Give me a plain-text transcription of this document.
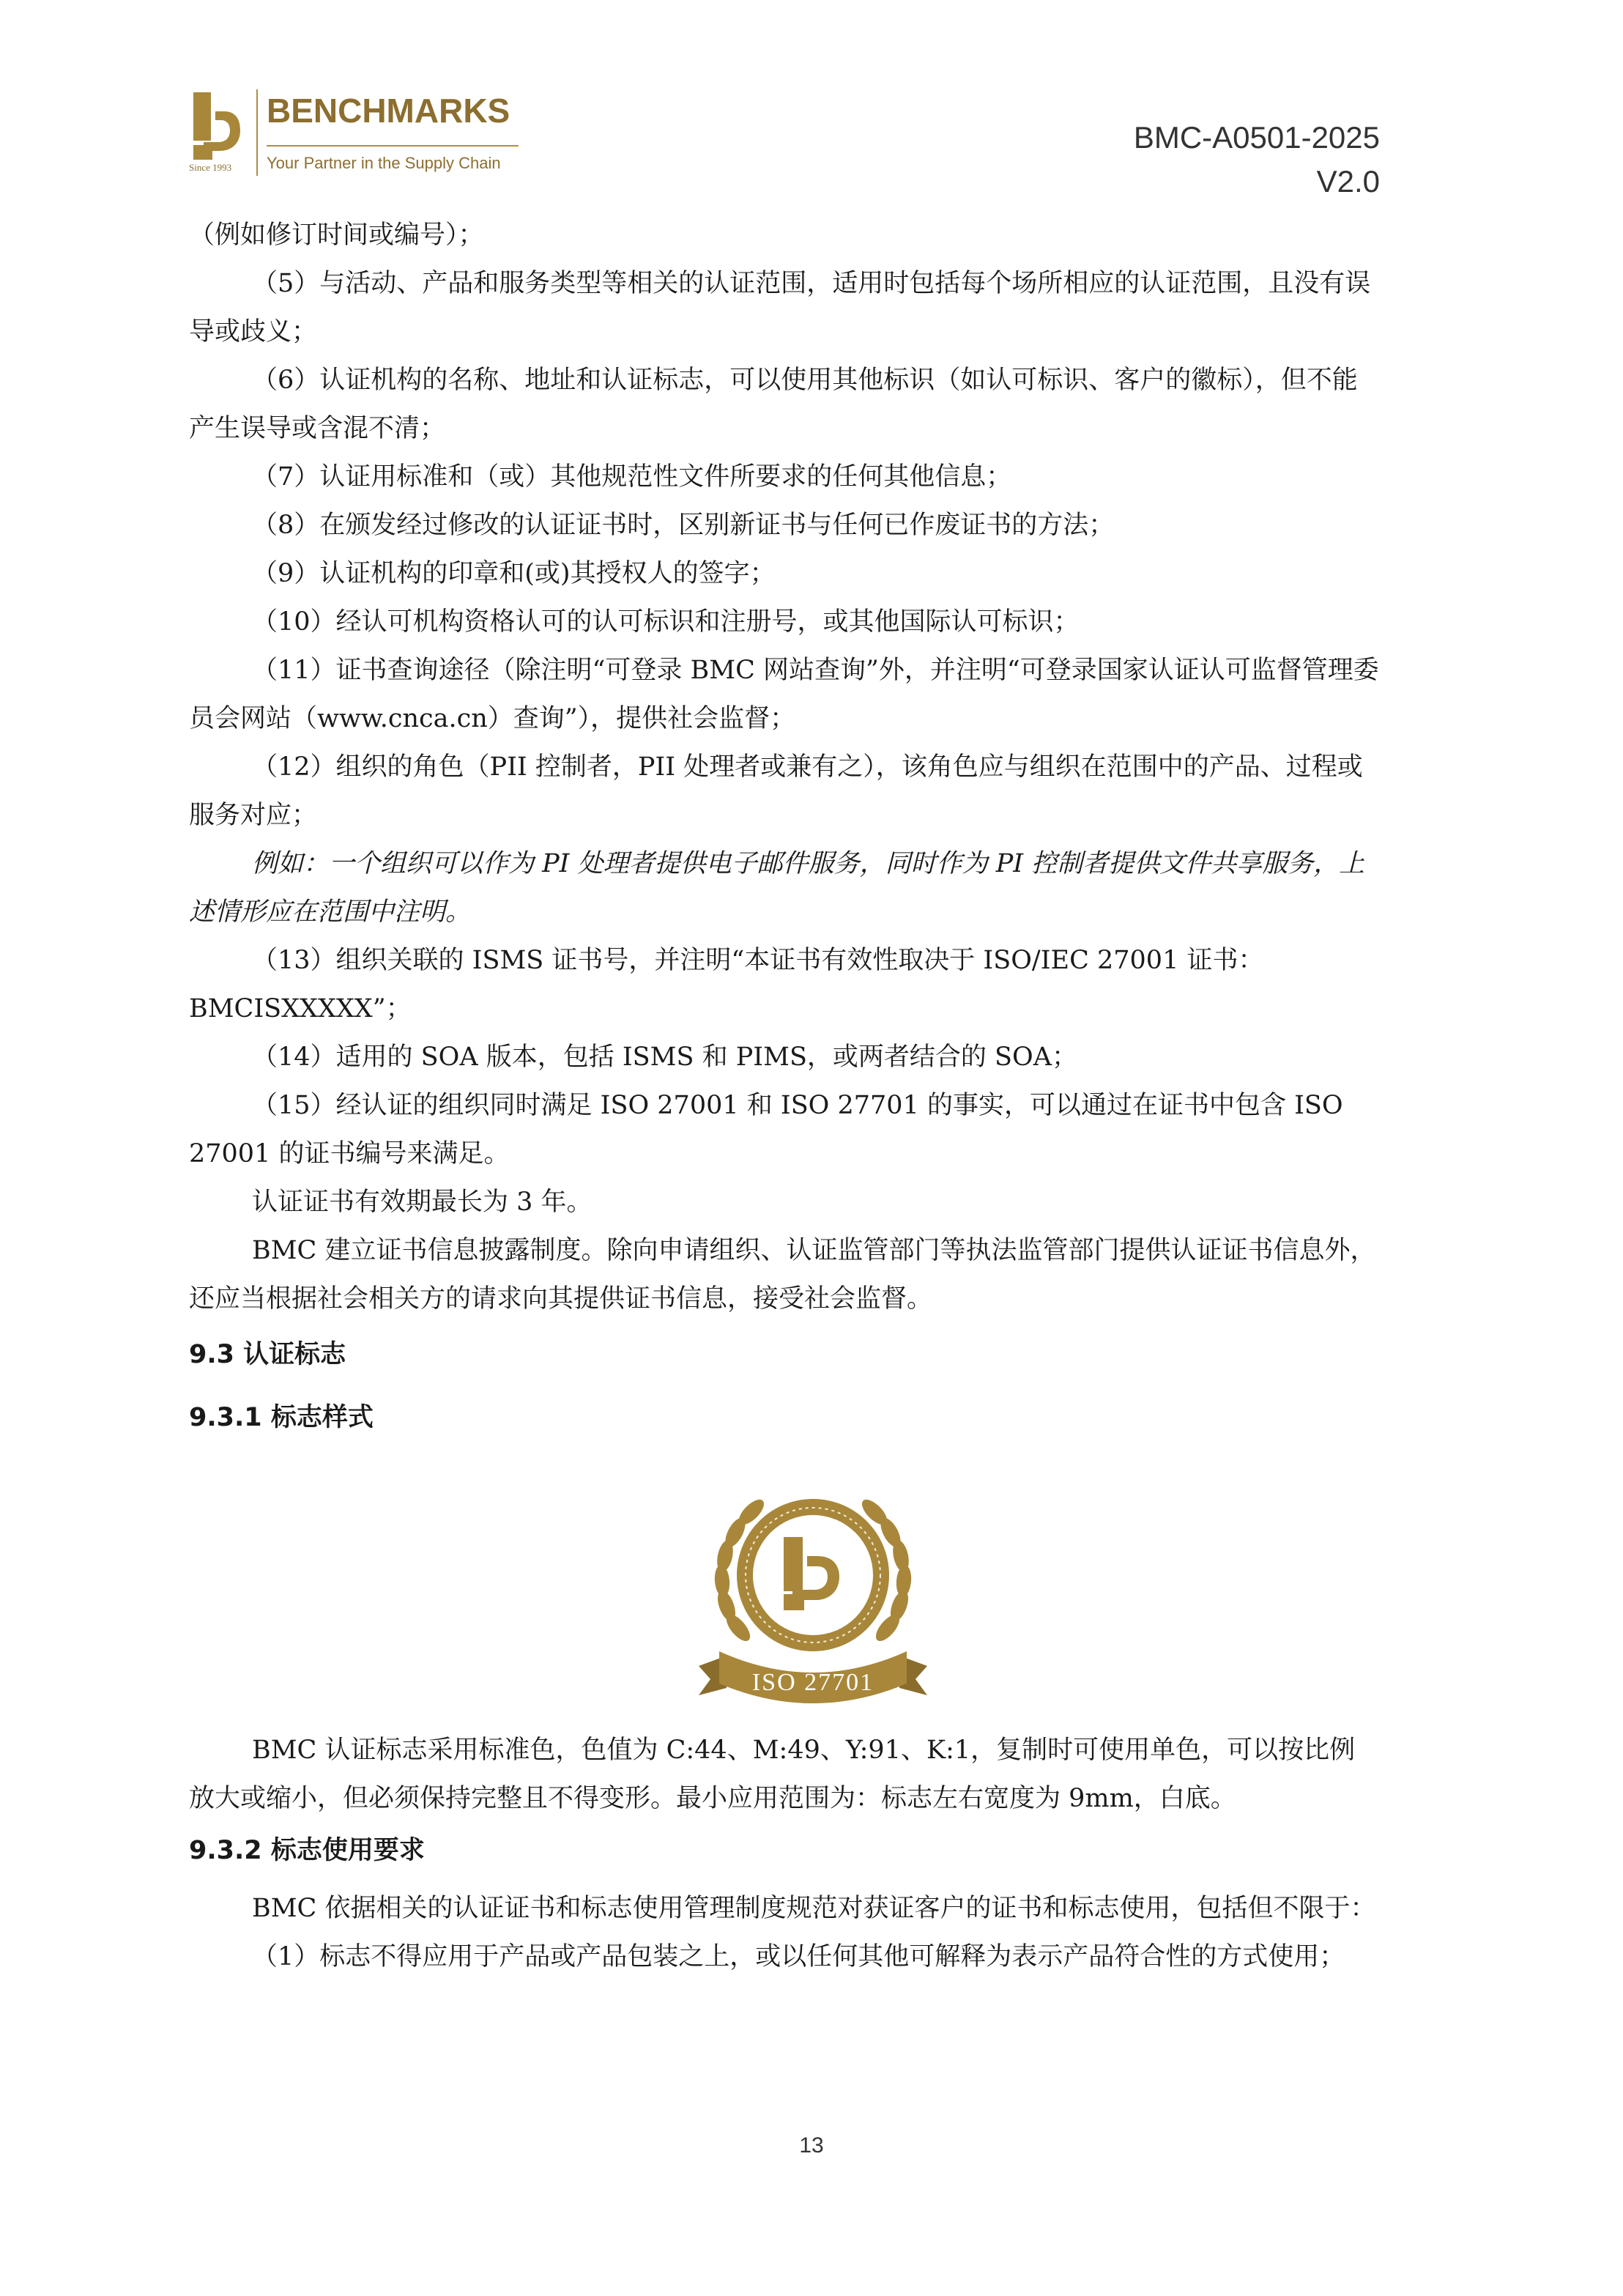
Since 1993
BENCHMARKS
Your Partner in the Supply Chain
BMC-A0501-2025
V2.0

（例如修订时间或编号）；

（5）与活动、产品和服务类型等相关的认证范围，适用时包括每个场所相应的认证范围，且没有误导或歧义；

（6）认证机构的名称、地址和认证标志，可以使用其他标识（如认可标识、客户的徽标），但不能产生误导或含混不清；

（7）认证用标准和（或）其他规范性文件所要求的任何其他信息；

（8）在颁发经过修改的认证证书时，区别新证书与任何已作废证书的方法；

（9）认证机构的印章和(或)其授权人的签字；

（10）经认可机构资格认可的认可标识和注册号，或其他国际认可标识；

（11）证书查询途径（除注明“可登录 BMC 网站查询”外，并注明“可登录国家认证认可监督管理委员会网站（www.cnca.cn）查询”），提供社会监督；

（12）组织的角色（PII 控制者，PII 处理者或兼有之），该角色应与组织在范围中的产品、过程或服务对应；

例如：一个组织可以作为 PI 处理者提供电子邮件服务，同时作为 PI 控制者提供文件共享服务，上述情形应在范围中注明。

（13）组织关联的 ISMS 证书号，并注明“本证书有效性取决于 ISO/IEC 27001 证书：BMCISXXXXX”；

（14）适用的 SOA 版本，包括 ISMS 和 PIMS，或两者结合的 SOA；

（15）经认证的组织同时满足 ISO 27001 和 ISO 27701 的事实，可以通过在证书中包含 ISO 27001 的证书编号来满足。

认证证书有效期最长为 3 年。

BMC 建立证书信息披露制度。除向申请组织、认证监管部门等执法监管部门提供认证证书信息外，还应当根据社会相关方的请求向其提供证书信息，接受社会监督。

9.3 认证标志

9.3.1 标志样式

ISO 27701

BMC 认证标志采用标准色，色值为 C:44、M:49、Y:91、K:1，复制时可使用单色，可以按比例放大或缩小，但必须保持完整且不得变形。最小应用范围为：标志左右宽度为 9mm，白底。

9.3.2 标志使用要求

BMC 依据相关的认证证书和标志使用管理制度规范对获证客户的证书和标志使用，包括但不限于：

（1）标志不得应用于产品或产品包装之上，或以任何其他可解释为表示产品符合性的方式使用；

13
